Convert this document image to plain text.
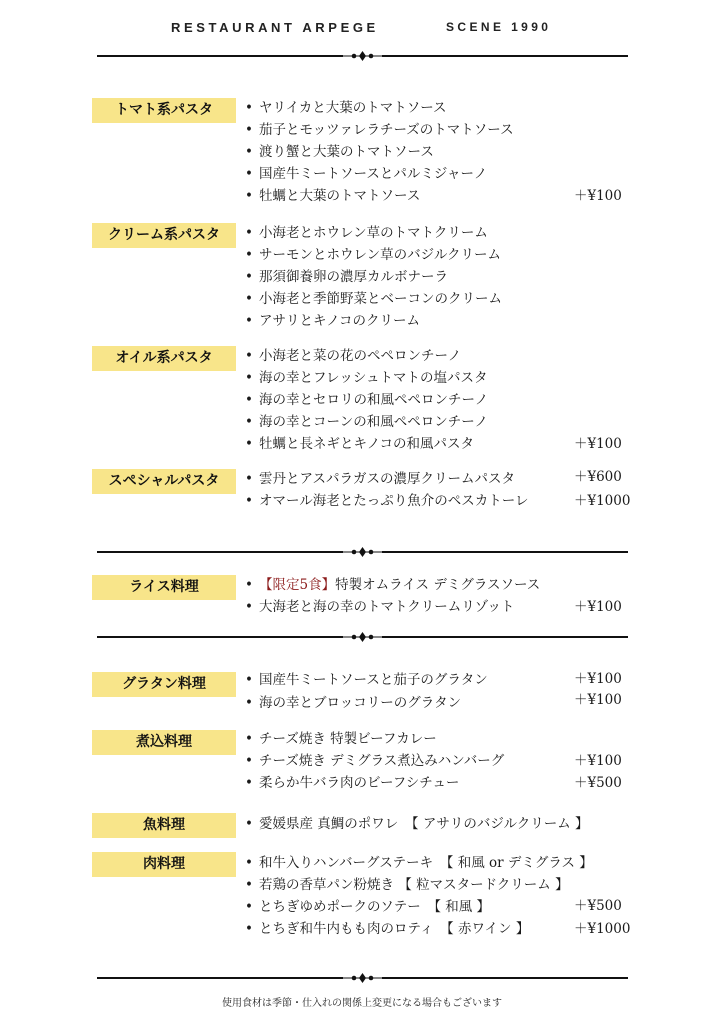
RESTAURANT ARPEGE	SCENE 1990
トマト系パスタ	• ヤリイカと大葉のトマトソース
• 茄子とモッツァレラチーズのトマトソース
• 渡り蟹と大葉のトマトソース
• 国産牛ミートソースとパルミジャーノ
• 牡蠣と大葉のトマトソース	＋¥100
クリーム系パスタ	• 小海老とホウレン草のトマトクリーム
• サーモンとホウレン草のバジルクリーム
• 那須御養卵の濃厚カルボナーラ
• 小海老と季節野菜とベーコンのクリーム
• アサリとキノコのクリーム
オイル系パスタ	• 小海老と菜の花のペペロンチーノ
• 海の幸とフレッシュトマトの塩パスタ
• 海の幸とセロリの和風ペペロンチーノ
• 海の幸とコーンの和風ペペロンチーノ
• 牡蠣と長ネギとキノコの和風パスタ	＋¥100
スペシャルパスタ	• 雲丹とアスパラガスの濃厚クリームパスタ	＋¥600
• オマール海老とたっぷり魚介のペスカトーレ	＋¥1000
ライス料理	• 【限定5食】特製オムライス デミグラスソース
• 大海老と海の幸のトマトクリームリゾット	＋¥100
グラタン料理	• 国産牛ミートソースと茄子のグラタン	＋¥100
• 海の幸とブロッコリーのグラタン	＋¥100
煮込料理	• チーズ焼き 特製ビーフカレー
• チーズ焼き デミグラス煮込みハンバーグ	＋¥100
• 柔らか牛バラ肉のビーフシチュー	＋¥500
魚料理	• 愛媛県産 真鯛のポワレ　【 アサリのバジルクリーム 】
肉料理	• 和牛入りハンバーグステーキ　【 和風 or デミグラス 】
• 若鶏の香草パン粉焼き 【 粒マスタードクリーム 】
• とちぎゆめポークのソテー　【 和風 】	＋¥500
• とちぎ和牛内もも肉のロティ　【 赤ワイン 】	＋¥1000
使用食材は季節・仕入れの関係上変更になる場合もございます
